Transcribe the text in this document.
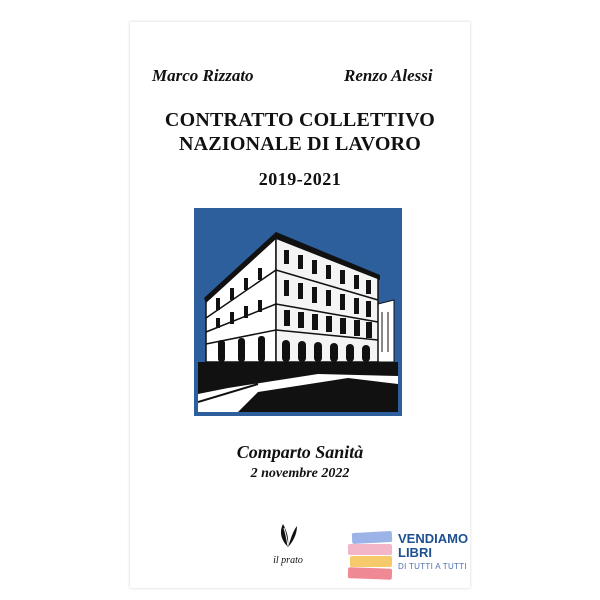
Marco Rizzato	Renzo Alessi
CONTRATTO COLLETTIVO
NAZIONALE DI LAVORO
2019-2021
Comparto Sanità
2 novembre 2022
il prato
VENDIAMO
LIBRI
DI TUTTI A TUTTI
